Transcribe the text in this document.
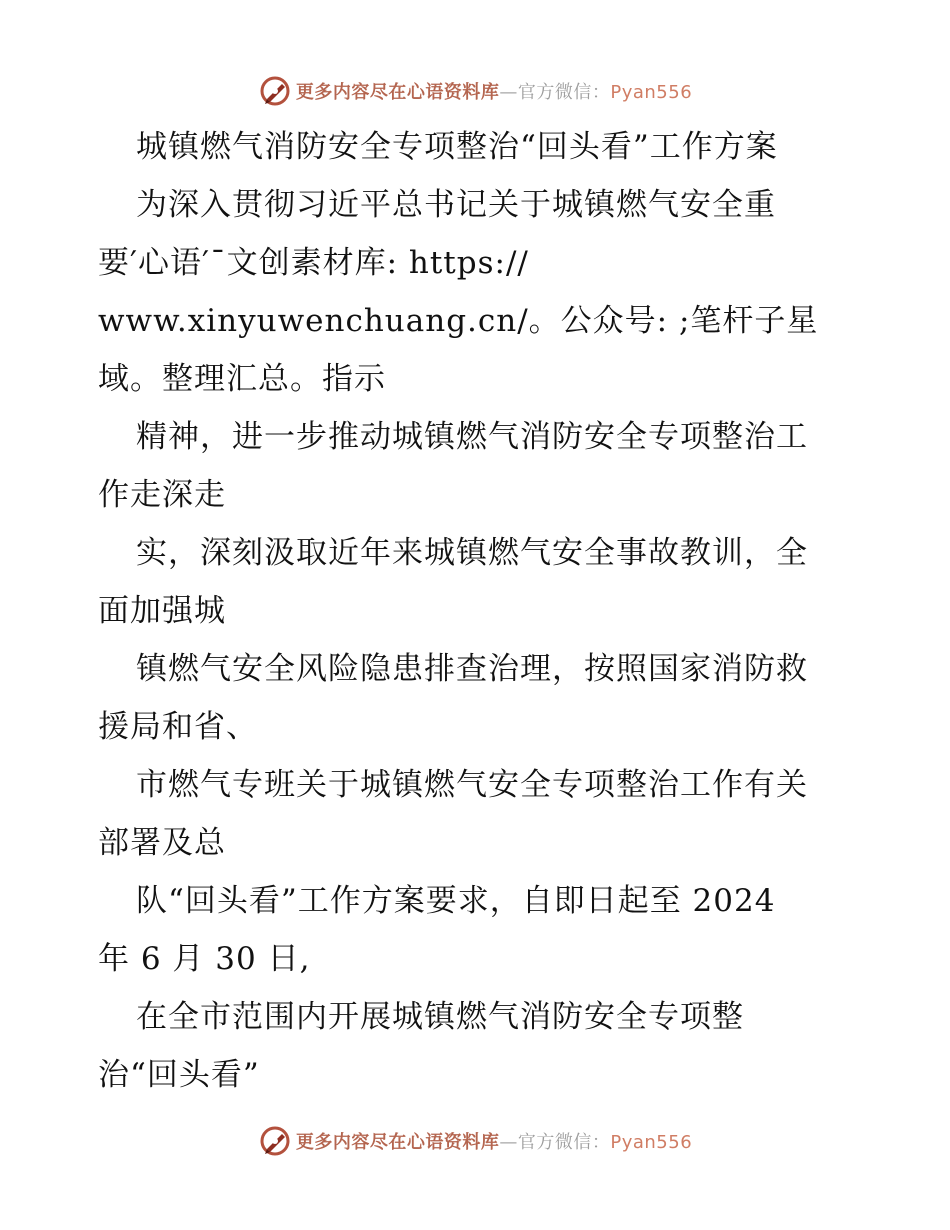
更多内容尽在心语资料库—官方微信：Pyan556
城镇燃气消防安全专项整治“回头看”工作方案
为深入贯彻习近平总书记关于城镇燃气安全重
要′心语′¯文创素材库: https://
www.xinyuwenchuang.cn/。公众号: ;笔杆子星
域。整理汇总。指示
精神，进一步推动城镇燃气消防安全专项整治工
作走深走
实，深刻汲取近年来城镇燃气安全事故教训，全
面加强城
镇燃气安全风险隐患排查治理，按照国家消防救
援局和省、
市燃气专班关于城镇燃气安全专项整治工作有关
部署及总
队“回头看”工作方案要求，自即日起至 2024
年 6 月 30 日,
在全市范围内开展城镇燃气消防安全专项整
治“回头看”
更多内容尽在心语资料库—官方微信：Pyan556
